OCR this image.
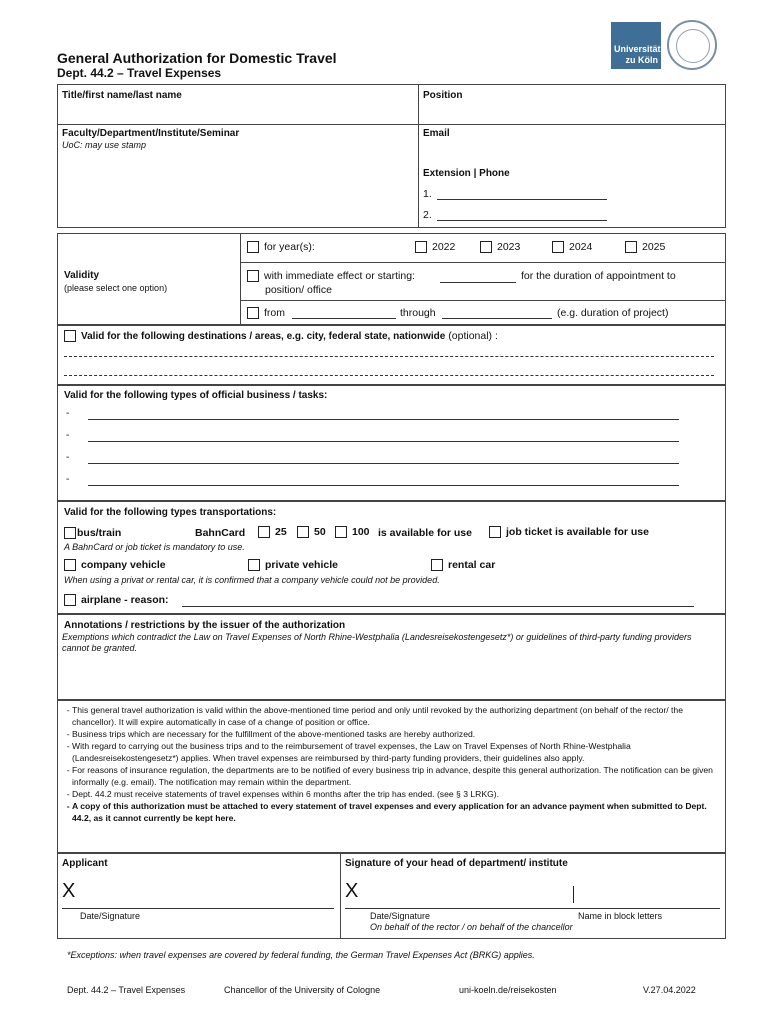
General Authorization for Domestic Travel
Dept. 44.2 – Travel Expenses
Universität
zu Köln
Title/first name/last name	Position
Faculty/Department/Institute/Seminar
UoC: may use stamp
Email
Extension | Phone
1.
2.
Validity
(please select one option)
for year(s):	2022	2023	2024	2025
with immediate effect or starting:	for the duration of appointment to
position/ office
from	through	(e.g. duration of project)
Valid for the following destinations / areas, e.g. city, federal state, nationwide (optional) :
Valid for the following types of official business / tasks:
-
-
-
-
Valid for the following types transportations:
bus/train	BahnCard	25	50	100 is available for use	job ticket is available for use
A BahnCard or job ticket is mandatory to use.
company vehicle	private vehicle	rental car
When using a privat or rental car, it is confirmed that a company vehicle could not be provided.
airplane - reason:
Annotations / restrictions by the issuer of the authorization
Exemptions which contradict the Law on Travel Expenses of North Rhine-Westphalia (Landesreisekostengesetz*) or guidelines of third-party funding providers cannot be granted.
- This general travel authorization is valid within the above-mentioned time period and only until revoked by the authorizing department (on behalf of the rector/ the chancellor). It will expire automatically in case of a change of position or office.
- Business trips which are necessary for the fulfillment of the above-mentioned tasks are hereby authorized.
- With regard to carrying out the business trips and to the reimbursement of travel expenses, the Law on Travel Expenses of North Rhine-Westphalia (Landesreisekostengesetz*) applies. When travel expenses are reimbursed by third-party funding providers, their guidelines also apply.
- For reasons of insurance regulation, the departments are to be notified of every business trip in advance, despite this general authorization. The notification can be given informally (e.g. email). The notification may remain within the department.
- Dept. 44.2 must receive statements of travel expenses within 6 months after the trip has ended. (see § 3 LRKG).
- A copy of this authorization must be attached to every statement of travel expenses and every application for an advance payment when submitted to Dept. 44.2, as it cannot currently be kept here.
Applicant	Signature of your head of department/ institute
X
Date/Signature
X
Date/Signature	Name in block letters
On behalf of the rector / on behalf of the chancellor
*Exceptions: when travel expenses are covered by federal funding, the German Travel Expenses Act (BRKG) applies.
Dept. 44.2 – Travel Expenses	Chancellor of the University of Cologne	uni-koeln.de/reisekosten	V.27.04.2022
